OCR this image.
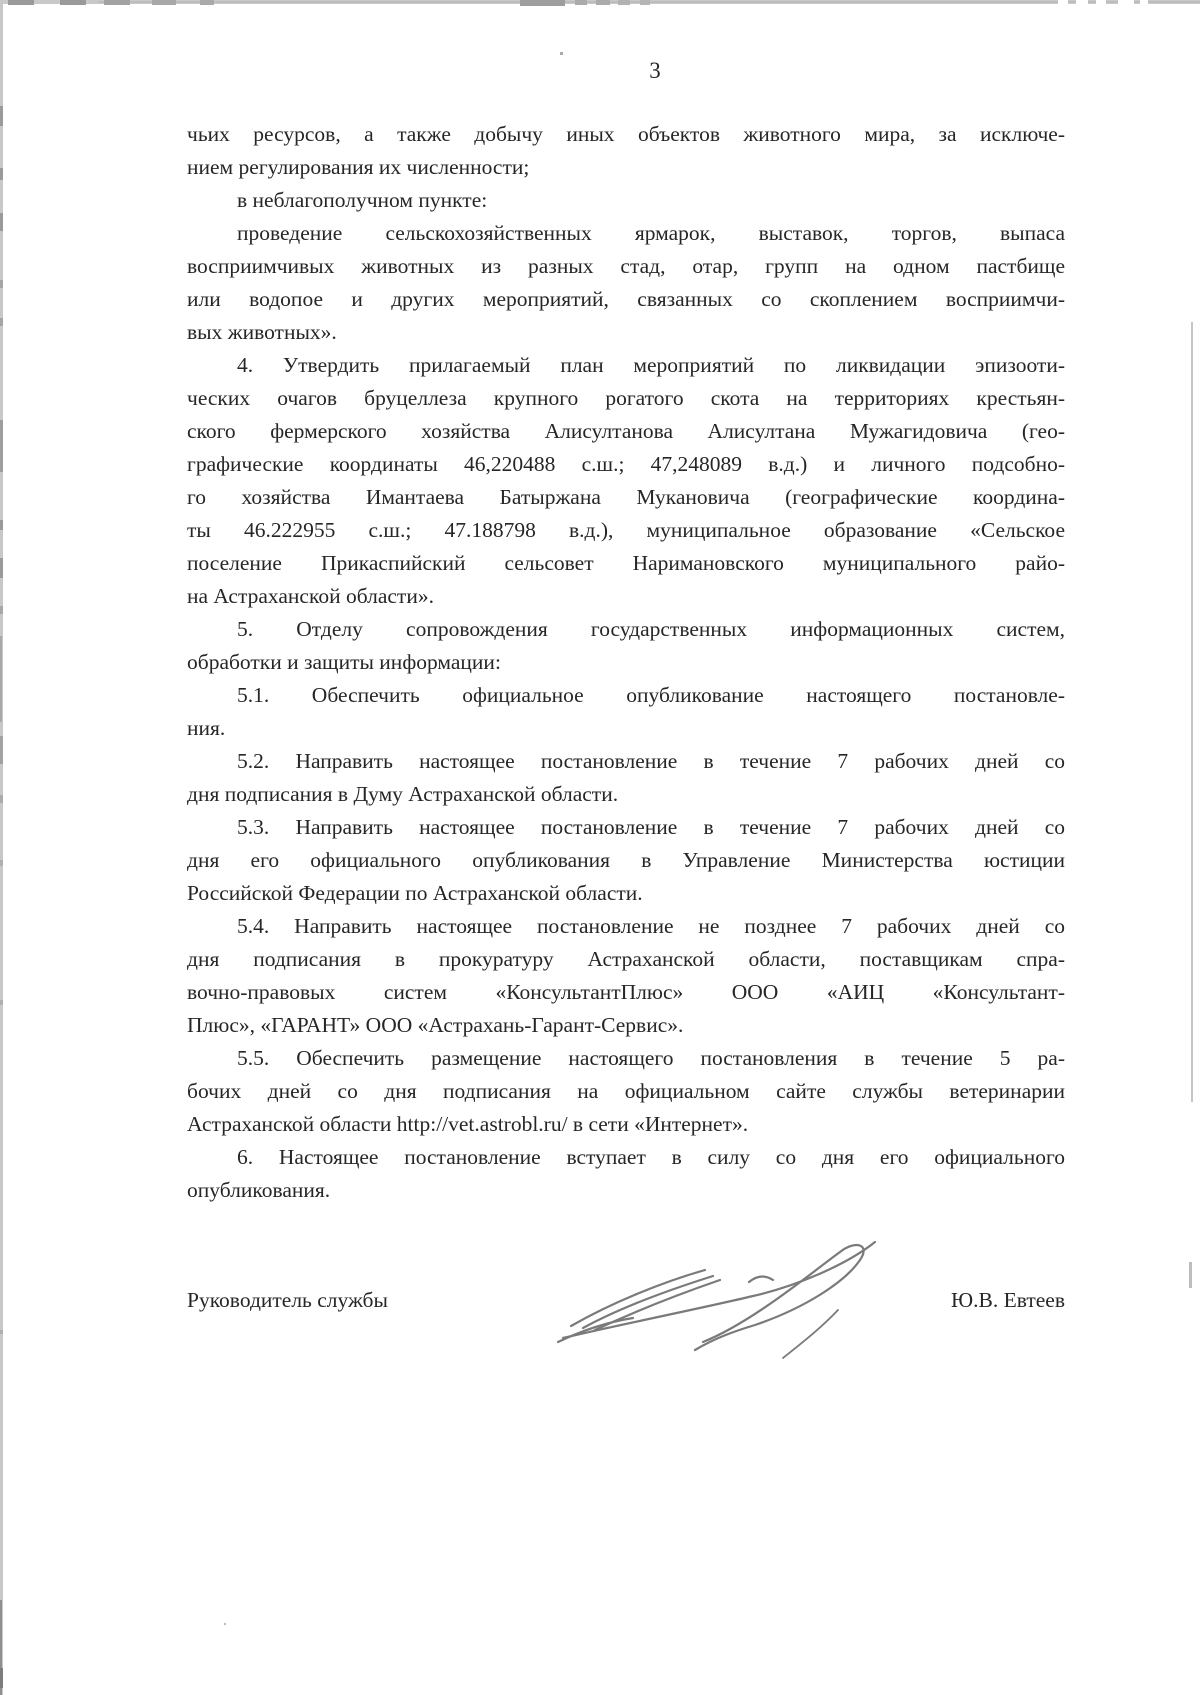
3
чьих ресурсов, а также добычу иных объектов животного мира, за исключе-
нием регулирования их численности;
в неблагополучном пункте:
проведение сельскохозяйственных ярмарок, выставок, торгов, выпаса
восприимчивых животных из разных стад, отар, групп на одном пастбище
или водопое и других мероприятий, связанных со скоплением восприимчи-
вых животных».
4. Утвердить прилагаемый план мероприятий по ликвидации эпизооти-
ческих очагов бруцеллеза крупного рогатого скота на территориях крестьян-
ского фермерского хозяйства Алисултанова Алисултана Мужагидовича (гео-
графические координаты 46,220488 с.ш.; 47,248089 в.д.) и личного подсобно-
го хозяйства Имантаева Батыржана Мукановича (географические координа-
ты 46.222955 с.ш.; 47.188798 в.д.), муниципальное образование «Сельское
поселение Прикаспийский сельсовет Наримановского муниципального райо-
на Астраханской области».
5. Отделу сопровождения государственных информационных систем,
обработки и защиты информации:
5.1. Обеспечить официальное опубликование настоящего постановле-
ния.
5.2. Направить настоящее постановление в течение 7 рабочих дней со
дня подписания в Думу Астраханской области.
5.3. Направить настоящее постановление в течение 7 рабочих дней со
дня его официального опубликования в Управление Министерства юстиции
Российской Федерации по Астраханской области.
5.4. Направить настоящее постановление не позднее 7 рабочих дней со
дня подписания в прокуратуру Астраханской области, поставщикам спра-
вочно-правовых систем «КонсультантПлюс» ООО «АИЦ «Консультант-
Плюс», «ГАРАНТ» ООО «Астрахань-Гарант-Сервис».
5.5. Обеспечить размещение настоящего постановления в течение 5 ра-
бочих дней со дня подписания на официальном сайте службы ветеринарии
Астраханской области http://vet.astrobl.ru/ в сети «Интернет».
6. Настоящее постановление вступает в силу со дня его официального
опубликования.
Руководитель службы	Ю.В. Евтеев
